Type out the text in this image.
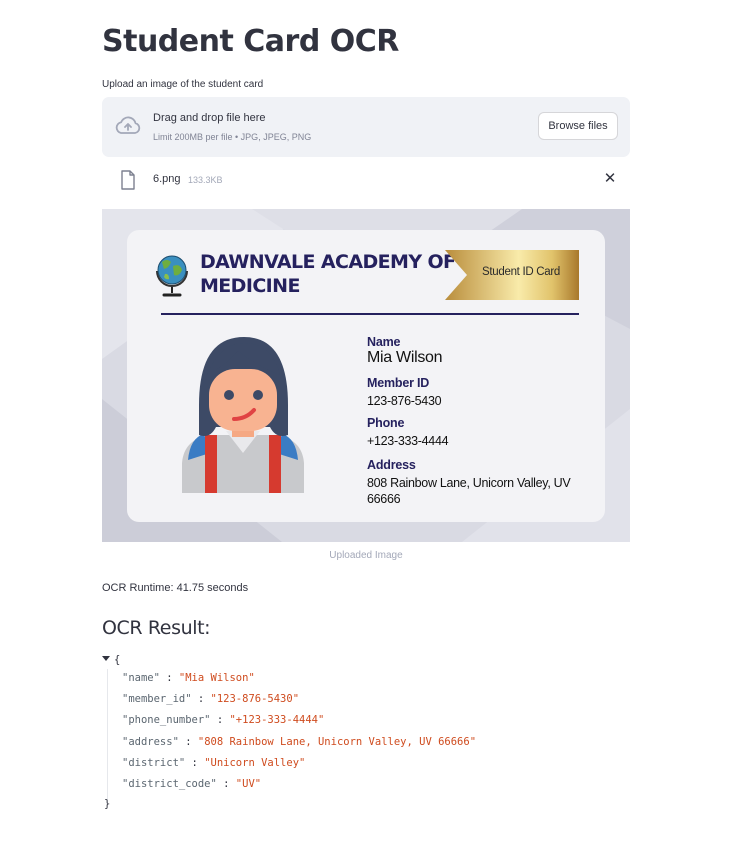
Student Card OCR
Upload an image of the student card
Drag and drop file here
Limit 200MB per file • JPG, JPEG, PNG
Browse files
6.png 133.3KB	✕
DAWNVALE ACADEMY OF MEDICINE
Student ID Card
Name
Mia Wilson
Member ID
123-876-5430
Phone
+123-333-4444
Address
808 Rainbow Lane, Unicorn Valley, UV 66666
Uploaded Image
OCR Runtime: 41.75 seconds
OCR Result:
{
"name" : "Mia Wilson"
"member_id" : "123-876-5430"
"phone_number" : "+123-333-4444"
"address" : "808 Rainbow Lane, Unicorn Valley, UV 66666"
"district" : "Unicorn Valley"
"district_code" : "UV"
}
